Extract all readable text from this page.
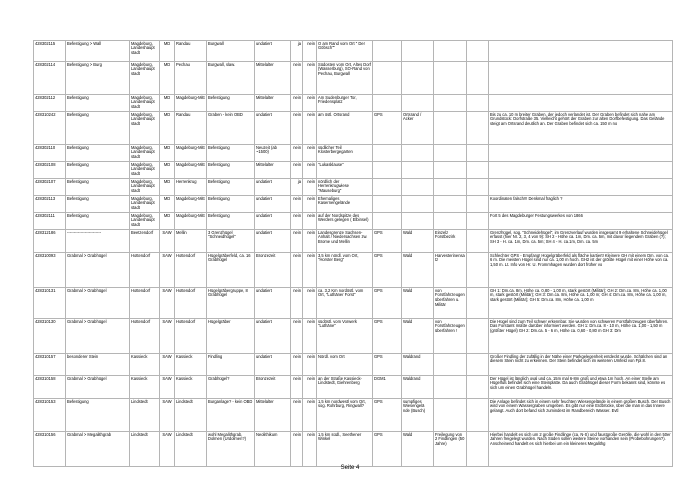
428302115	Befestigung > Wall	Magdeburg, Landeshaupt stadt	MD	Randau	Burgwall	undatiert	ja	nein	O am Rand vom Ort " Der Göbsch""					
428302114	Befestigung > Burg	Magdeburg, Landeshaupt stadt	MD	Pechau	Burgwall, slaw.	Mittelalter	nein	nein	Südosten vom Ort, Altes Dorf (Wasserburg), SO-Rand von Pechau, Burgwall					
428302112	Befestigung	Magdeburg, Landeshaupt stadt	MD	Magdeburg-Mitt	Befestigung	Mittelalter	nein	nein	Am Sudenburger Tor, Friedensplatz					
428310242	Befestigung	Magdeburg, Landeshaupt stadt	MD	Randau	Graben - kein OBD	undatiert	nein	nein	am östl. Ortsrand	GPS	Ortsrand / Acker			Bis zu ca. 10 m breiter Graben, der jedoch verlandet ist. Der Graben befindet sich nahe am Grundstück: Dorfstraße 35. Vielleicht gehört der Graben zur alten Dorfbefestigung. Das Gelände steigt am Ortsrand deutlich an. Der Graben befindet sich ca. 150 m no
428302110	Befestigung	Magdeburg, Landeshaupt stadt	MD	Magdeburg-Mitt	Befestigung	Neuzeit (ab ~1500)	nein	nein	südlicher Teil Klosterbergegarten					
428302108	Befestigung	Magdeburg, Landeshaupt stadt	MD	Magdeburg-Mitt	Befestigung	Mittelalter	nein	nein	"Lukasklause"					
428302107	Befestigung	Magdeburg, Landeshaupt stadt	MD	Herrenkrug	Befestigung	undatiert	ja	nein	nördlich der Herrenkrugwiese "Mauseburg"					
428302113	Befestigung	Magdeburg, Landeshaupt stadt	MD	Magdeburg-Mitt	Befestigung	undatiert	nein	nein	Ehemaliges Kasernengelände					Koordinaten falsch!!! Denkmal fraglich ?
428302111	Befestigung	Magdeburg, Landeshaupt stadt	MD	Magdeburg-Mitt	Befestigung	undatiert	nein	nein	auf der Nordspitze des Werders gelegen ( Elbinsel)					Fort 5 des Magdeburger Festungswerkes von 1866
428312186	-------------------------	Beetzendorf	SAW	Mellin	3 Grenzhügel "Schneidhügel"	undatiert	nein	nein	Landesgrenze Sachsen-Anhalt / Niedersachsen zw. Brome und Mellin	GPS	Wald	Einzelz Forstbezirk		Grenzhügel, sog. "Schneidehügel", im Grenzverlauf wurden insgesamt 9 erhaltene Schneidehügel erfasst (hier Nr. 2, 3, 4 von 9): SH 2 - Höhe ca. 1m, Dm. ca. 5m, mit davor liegendem Graben (?); SH 3 - H. ca. 1m, Dm. ca. 5m; SH 4 - H. ca.1m, Dm. ca. 5m
428310093	Grabmal > Grabhügel	Hottendorf	SAW	Hottendorf	Hügelgräberfeld, ca. 16 Grabhügel	Bronzezeit	nein	nein	3,5 km nördl. vom Ort, "Horster Berg"	GPS	Wald	Harvesterinensatz		Schlechter GPS - Empfang! Hügelgräberfeld als fläche kartiert! Kleinere GH mit einem Dm. von ca. 6 m. Die meisten Hügel sind nur ca. 1,00 m hoch. GH2 ist der größte Hügel mit einer Höhe von ca. 1,50 m. Lt. Info von Hr. U. Frommhagen wurden dort früher vo
428310131	Grabmal > Grabhügel	Hottendorf	SAW	Hottendorf	Hügelgräbergruppe, 8 Grabhügel	undatiert	nein	nein	ca. 3,2 Km nordöstl. vom Ort, "Luthäner Forst"	GPS	Wald	von Forstfahrzeugen überfahren u. Militär		GH 1: Dm.ca. 8m, Höhe ca. 0,80 - 1,00 m, stark gestört (Militär); GH 2: Dm.ca. 8m, Höhe ca. 1,00 m, stark gestört (Militär); GH 3: Dm.ca. 8m, Höhe ca. 1,00 m; GH 4: Dm.ca. 8m, Höhe ca. 1,00 m, stark gestört (Militär); GH 5: Dm.ca. 8m, Höhe ca. 1,00 m
428310130	Grabmal > Grabhügel	Hottendorf	SAW	Hottendorf	Hügelgräber	undatiert	nein	nein	südöstl. vom Vorwerk "Luthäne"	GPS	Wald	von Forstfahrzeugen überfahren !		Die Hügel sind zum Teil schwer erkennbar. Sie wurden von schweren Forstfahrzeugen überfahren. Das Forstamt müßte darüber informiert werden. GH 1: Dm.ca. 8 - 10 m, Höhe ca. 1,00 - 1,50 m (größter Hügel) GH 2: Dm.ca. 5 - 6 m, Höhe ca. 0,60 - 0,80 m GH 3: Dm
428310157	besonderer Stein	Kassieck	SAW	Kassieck	Findling	undatiert	nein	nein	Nördl. vom Ort	GPS	Waldrand			Großer Findling der zufällig in der Nähe einer Parkgelegenheit entdeckt wurde. Schälchen sind an diesem Stein nicht zu erkennen. Der Stein befindet sich im weiteren Umfeld von Fpl.8.
428310158	Grabmal > Grabhügel	Kassieck	SAW	Kassieck	Grabhügel?	Bronzezeit	nein	nein	an der Straße Kassieck-Lindstedt, Giehrenberg	DGM1	Waldrand			Der Hügel ist länglich oval und ca. 15m mal 6-8m groß und etwa 1m hoch. An einer Stelle am Hügelfuß befindet sich eine Steinplatte. Da auch Grabhügel dieser Form bekannt sind, könnte es sich um einen Grabhügel handeln.
428310153	Befestigung	Lindstedt	SAW	Lindstedt	Burganlage? - kein OBD	Mittelalter	nein	nein	1,5 km nordwestl vom Ort, sog. Rohrburg, Ringwall?	GPS	sumpfiges Wiesengelä nde (Busch)			Die Anlage befindet sich in einem sehr feuchten Wiesengelände in einem großen Busch. Der Busch wird von einem Wassergraben umgeben. Es gibt nur eine Erdbrücke, über die man in das Innere gelangt. Auch dort befand sich zumindest im Randbereich Wasser. Evtl
428310156	Grabmal > Megalithgrab	Lindstedt	SAW	Lindstedt	wohl Megalithgrab, Dolmen (Urdolmen?)	Neolithikum	nein	nein	1,5 km südl., Seethener Winkel	GPS	Wald	Freilegung von 2 Findlingen (50 Jahre)		Hierbei handelt es sich um 2 große Findlinge (ca. N-S) und faustgroße Gerölle, die wohl in den 50er Jahren freigelegt wurden. Nach Süden sollen weitere Steine vorhanden sein (Probebohrungen?). Anscheinend handelt es sich hierbei um ein kleineres Megalithg
Seite 4
